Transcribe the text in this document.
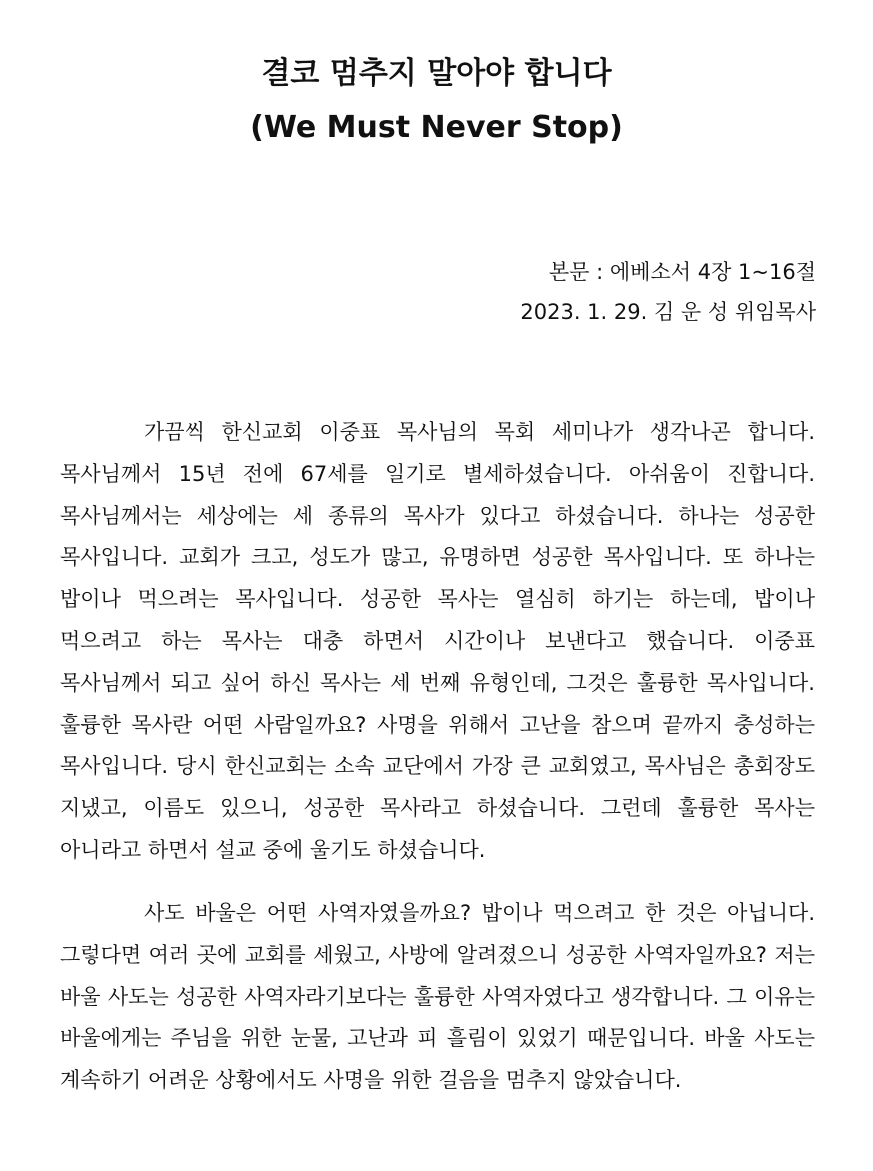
결코 멈추지 말아야 합니다
(We Must Never Stop)

본문 : 에베소서 4장 1~16절

2023. 1. 29. 김 운 성 위임목사

가끔씩 한신교회 이중표 목사님의 목회 세미나가 생각나곤 합니다. 목사님께서 15년 전에 67세를 일기로 별세하셨습니다. 아쉬움이 진합니다. 목사님께서는 세상에는 세 종류의 목사가 있다고 하셨습니다. 하나는 성공한 목사입니다. 교회가 크고, 성도가 많고, 유명하면 성공한 목사입니다. 또 하나는 밥이나 먹으려는 목사입니다. 성공한 목사는 열심히 하기는 하는데, 밥이나 먹으려고 하는 목사는 대충 하면서 시간이나 보낸다고 했습니다. 이중표 목사님께서 되고 싶어 하신 목사는 세 번째 유형인데, 그것은 훌륭한 목사입니다. 훌륭한 목사란 어떤 사람일까요? 사명을 위해서 고난을 참으며 끝까지 충성하는 목사입니다. 당시 한신교회는 소속 교단에서 가장 큰 교회였고, 목사님은 총회장도 지냈고, 이름도 있으니, 성공한 목사라고 하셨습니다. 그런데 훌륭한 목사는 아니라고 하면서 설교 중에 울기도 하셨습니다.

사도 바울은 어떤 사역자였을까요? 밥이나 먹으려고 한 것은 아닙니다. 그렇다면 여러 곳에 교회를 세웠고, 사방에 알려졌으니 성공한 사역자일까요? 저는 바울 사도는 성공한 사역자라기보다는 훌륭한 사역자였다고 생각합니다. 그 이유는 바울에게는 주님을 위한 눈물, 고난과 피 흘림이 있었기 때문입니다. 바울 사도는 계속하기 어려운 상황에서도 사명을 위한 걸음을 멈추지 않았습니다.
